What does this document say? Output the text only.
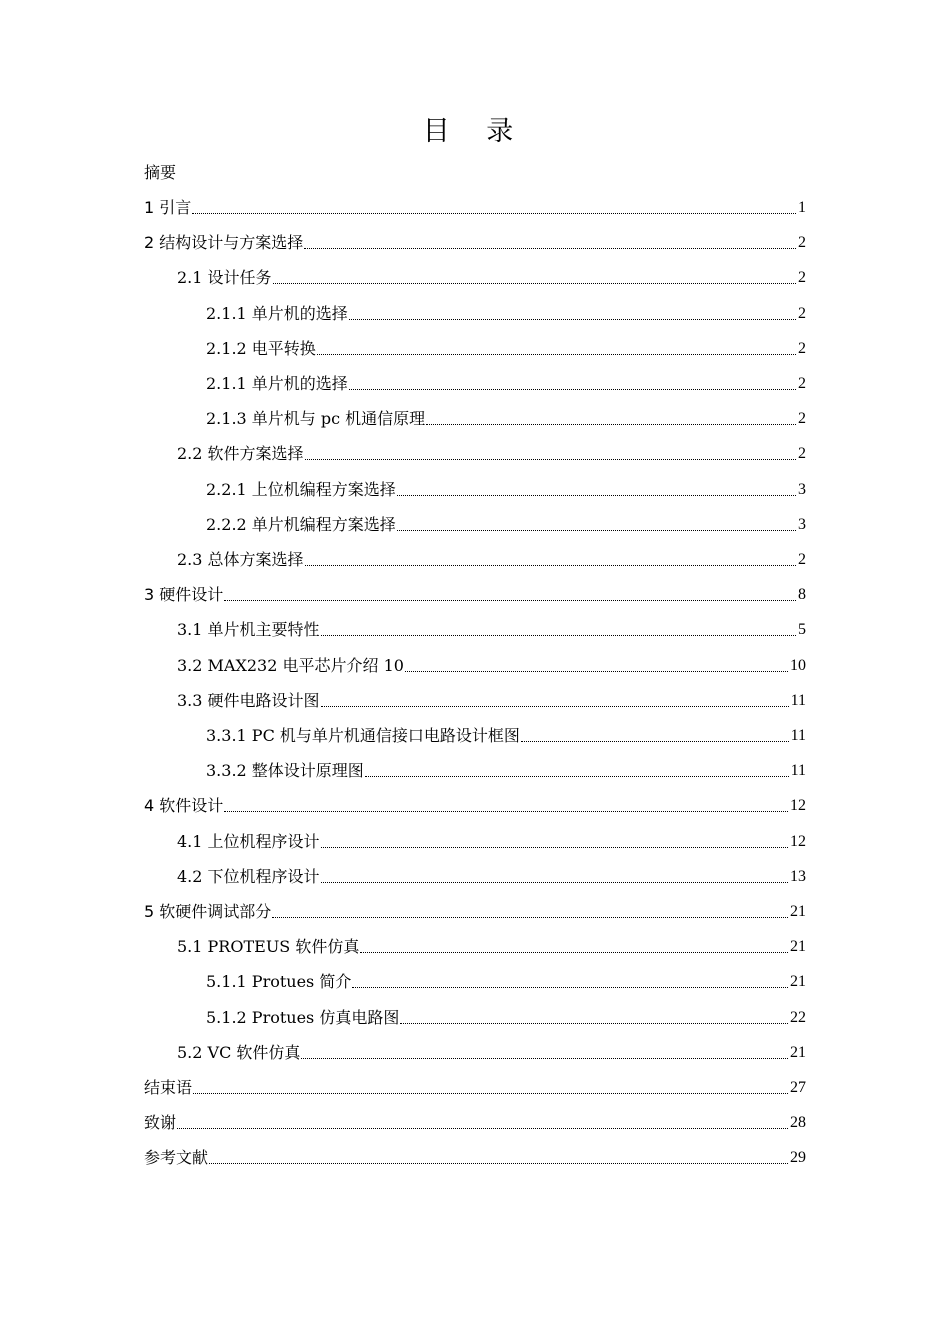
目 录
摘要
1 引言	1
2 结构设计与方案选择	2
2.1 设计任务	2
2.1.1 单片机的选择	2
2.1.2 电平转换	2
2.1.1 单片机的选择	2
2.1.3 单片机与 pc 机通信原理	2
2.2 软件方案选择	2
2.2.1 上位机编程方案选择	3
2.2.2 单片机编程方案选择	3
2.3 总体方案选择	2
3 硬件设计	8
3.1 单片机主要特性	5
3.2 MAX232 电平芯片介绍 10	10
3.3 硬件电路设计图	11
3.3.1 PC 机与单片机通信接口电路设计框图	11
3.3.2 整体设计原理图	11
4 软件设计	12
4.1 上位机程序设计	12
4.2 下位机程序设计	13
5 软硬件调试部分	21
5.1 PROTEUS 软件仿真	21
5.1.1 Protues 简介	21
5.1.2 Protues 仿真电路图	22
5.2 VC 软件仿真	21
结束语	27
致谢	28
参考文献	29
